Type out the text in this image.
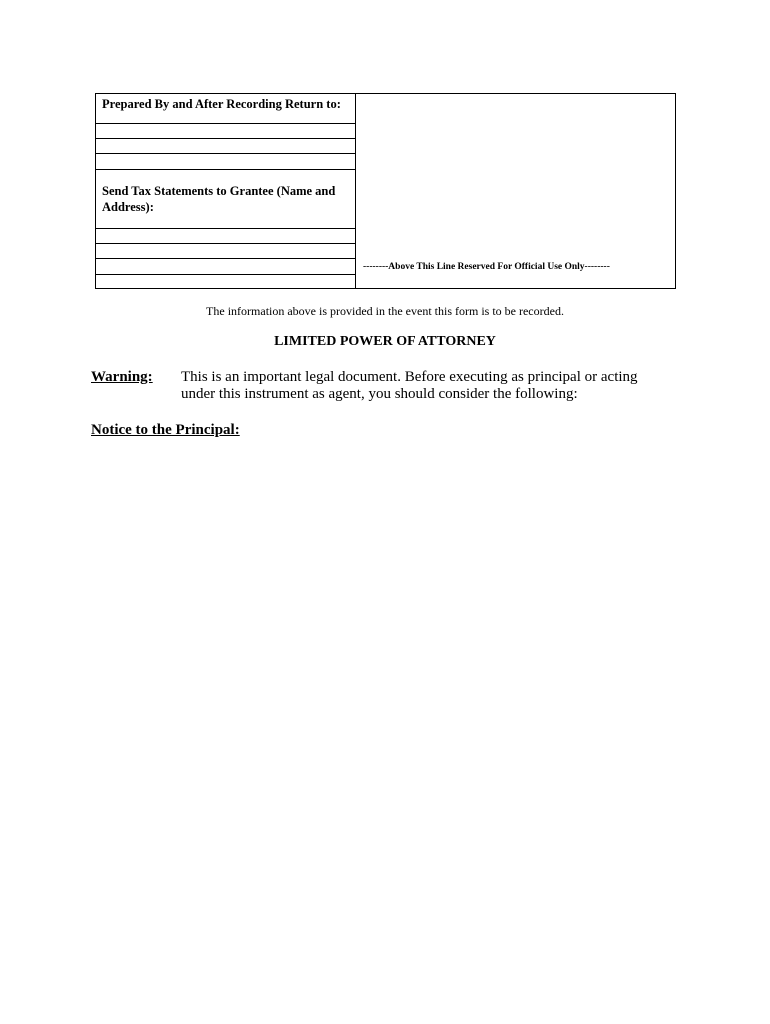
Prepared By and After Recording Return to:
Send Tax Statements to Grantee (Name and Address):
--------Above This Line Reserved For Official Use Only--------
The information above is provided in the event this form is to be recorded.
LIMITED POWER OF ATTORNEY
Warning: This is an important legal document. Before executing as principal or acting under this instrument as agent, you should consider the following:
Notice to the Principal:
